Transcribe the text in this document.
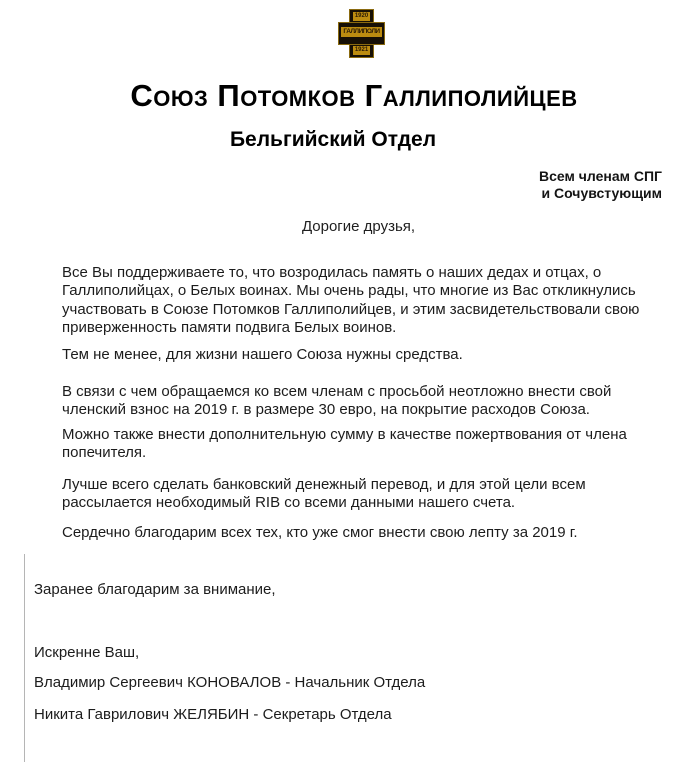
1920
ГАЛЛИПОЛИ
1921
Союз Потомков Галлиполийцев
Бельгийский Отдел
Всем членам СПГ
и Сочувстующим
Дорогие друзья,
Все Вы поддерживаете то, что возродилась память о наших дедах и отцах, о
Галлиполийцах, о Белых воинах. Мы очень рады, что многие из Вас откликнулись
участвовать в Союзе Потомков Галлиполийцев, и этим засвидетельствовали свою
приверженность памяти подвига Белых воинов.
Тем не менее, для жизни нашего Союза нужны средства.
В связи с чем обращаемся ко всем членам с просьбой неотложно внести свой
членский взнос на 2019 г. в размере 30 евро, на покрытие расходов Союза.
Можно также внести дополнительную сумму в качестве пожертвования от члена
попечителя.
Лучше всего сделать банковский денежный перевод, и для этой цели всем
рассылается необходимый RIB со всеми данными нашего счета.
Сердечно благодарим всех тех, кто уже смог внести свою лепту за 2019 г.
Заранее благодарим за внимание,
Искренне Ваш,
Владимир Сергеевич КОНОВАЛОВ - Начальник Отдела
Никита Гаврилович ЖЕЛЯБИН - Секретарь Отдела
